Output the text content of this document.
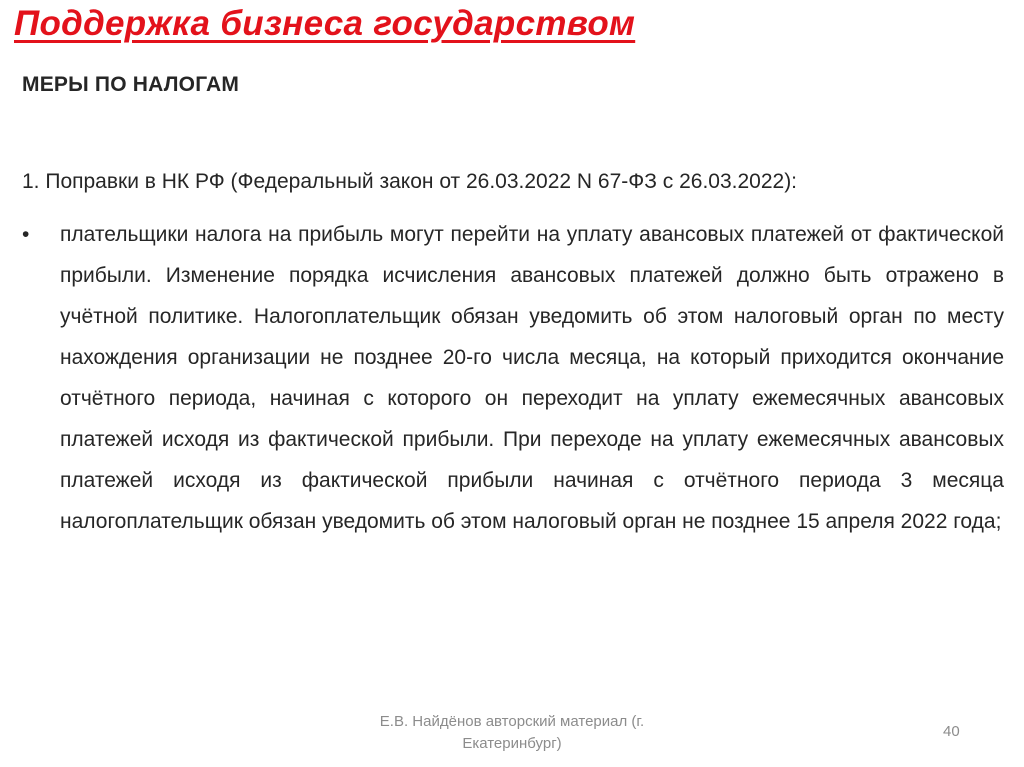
Поддержка бизнеса государством
МЕРЫ ПО НАЛОГАМ

1. Поправки в НК РФ (Федеральный закон от 26.03.2022 N 67-ФЗ с 26.03.2022):

• плательщики налога на прибыль могут перейти на уплату авансовых платежей от фактической прибыли. Изменение порядка исчисления авансовых платежей должно быть отражено в учётной политике. Налогоплательщик обязан уведомить об этом налоговый орган по месту нахождения организации не позднее 20-го числа месяца, на который приходится окончание отчётного периода, начиная с которого он переходит на уплату ежемесячных авансовых платежей исходя из фактической прибыли. При переходе на уплату ежемесячных авансовых платежей исходя из фактической прибыли начиная с отчётного периода 3 месяца налогоплательщик обязан уведомить об этом налоговый орган не позднее 15 апреля 2022 года;

Е.В. Найдёнов авторский материал (г. Екатеринбург)
40
